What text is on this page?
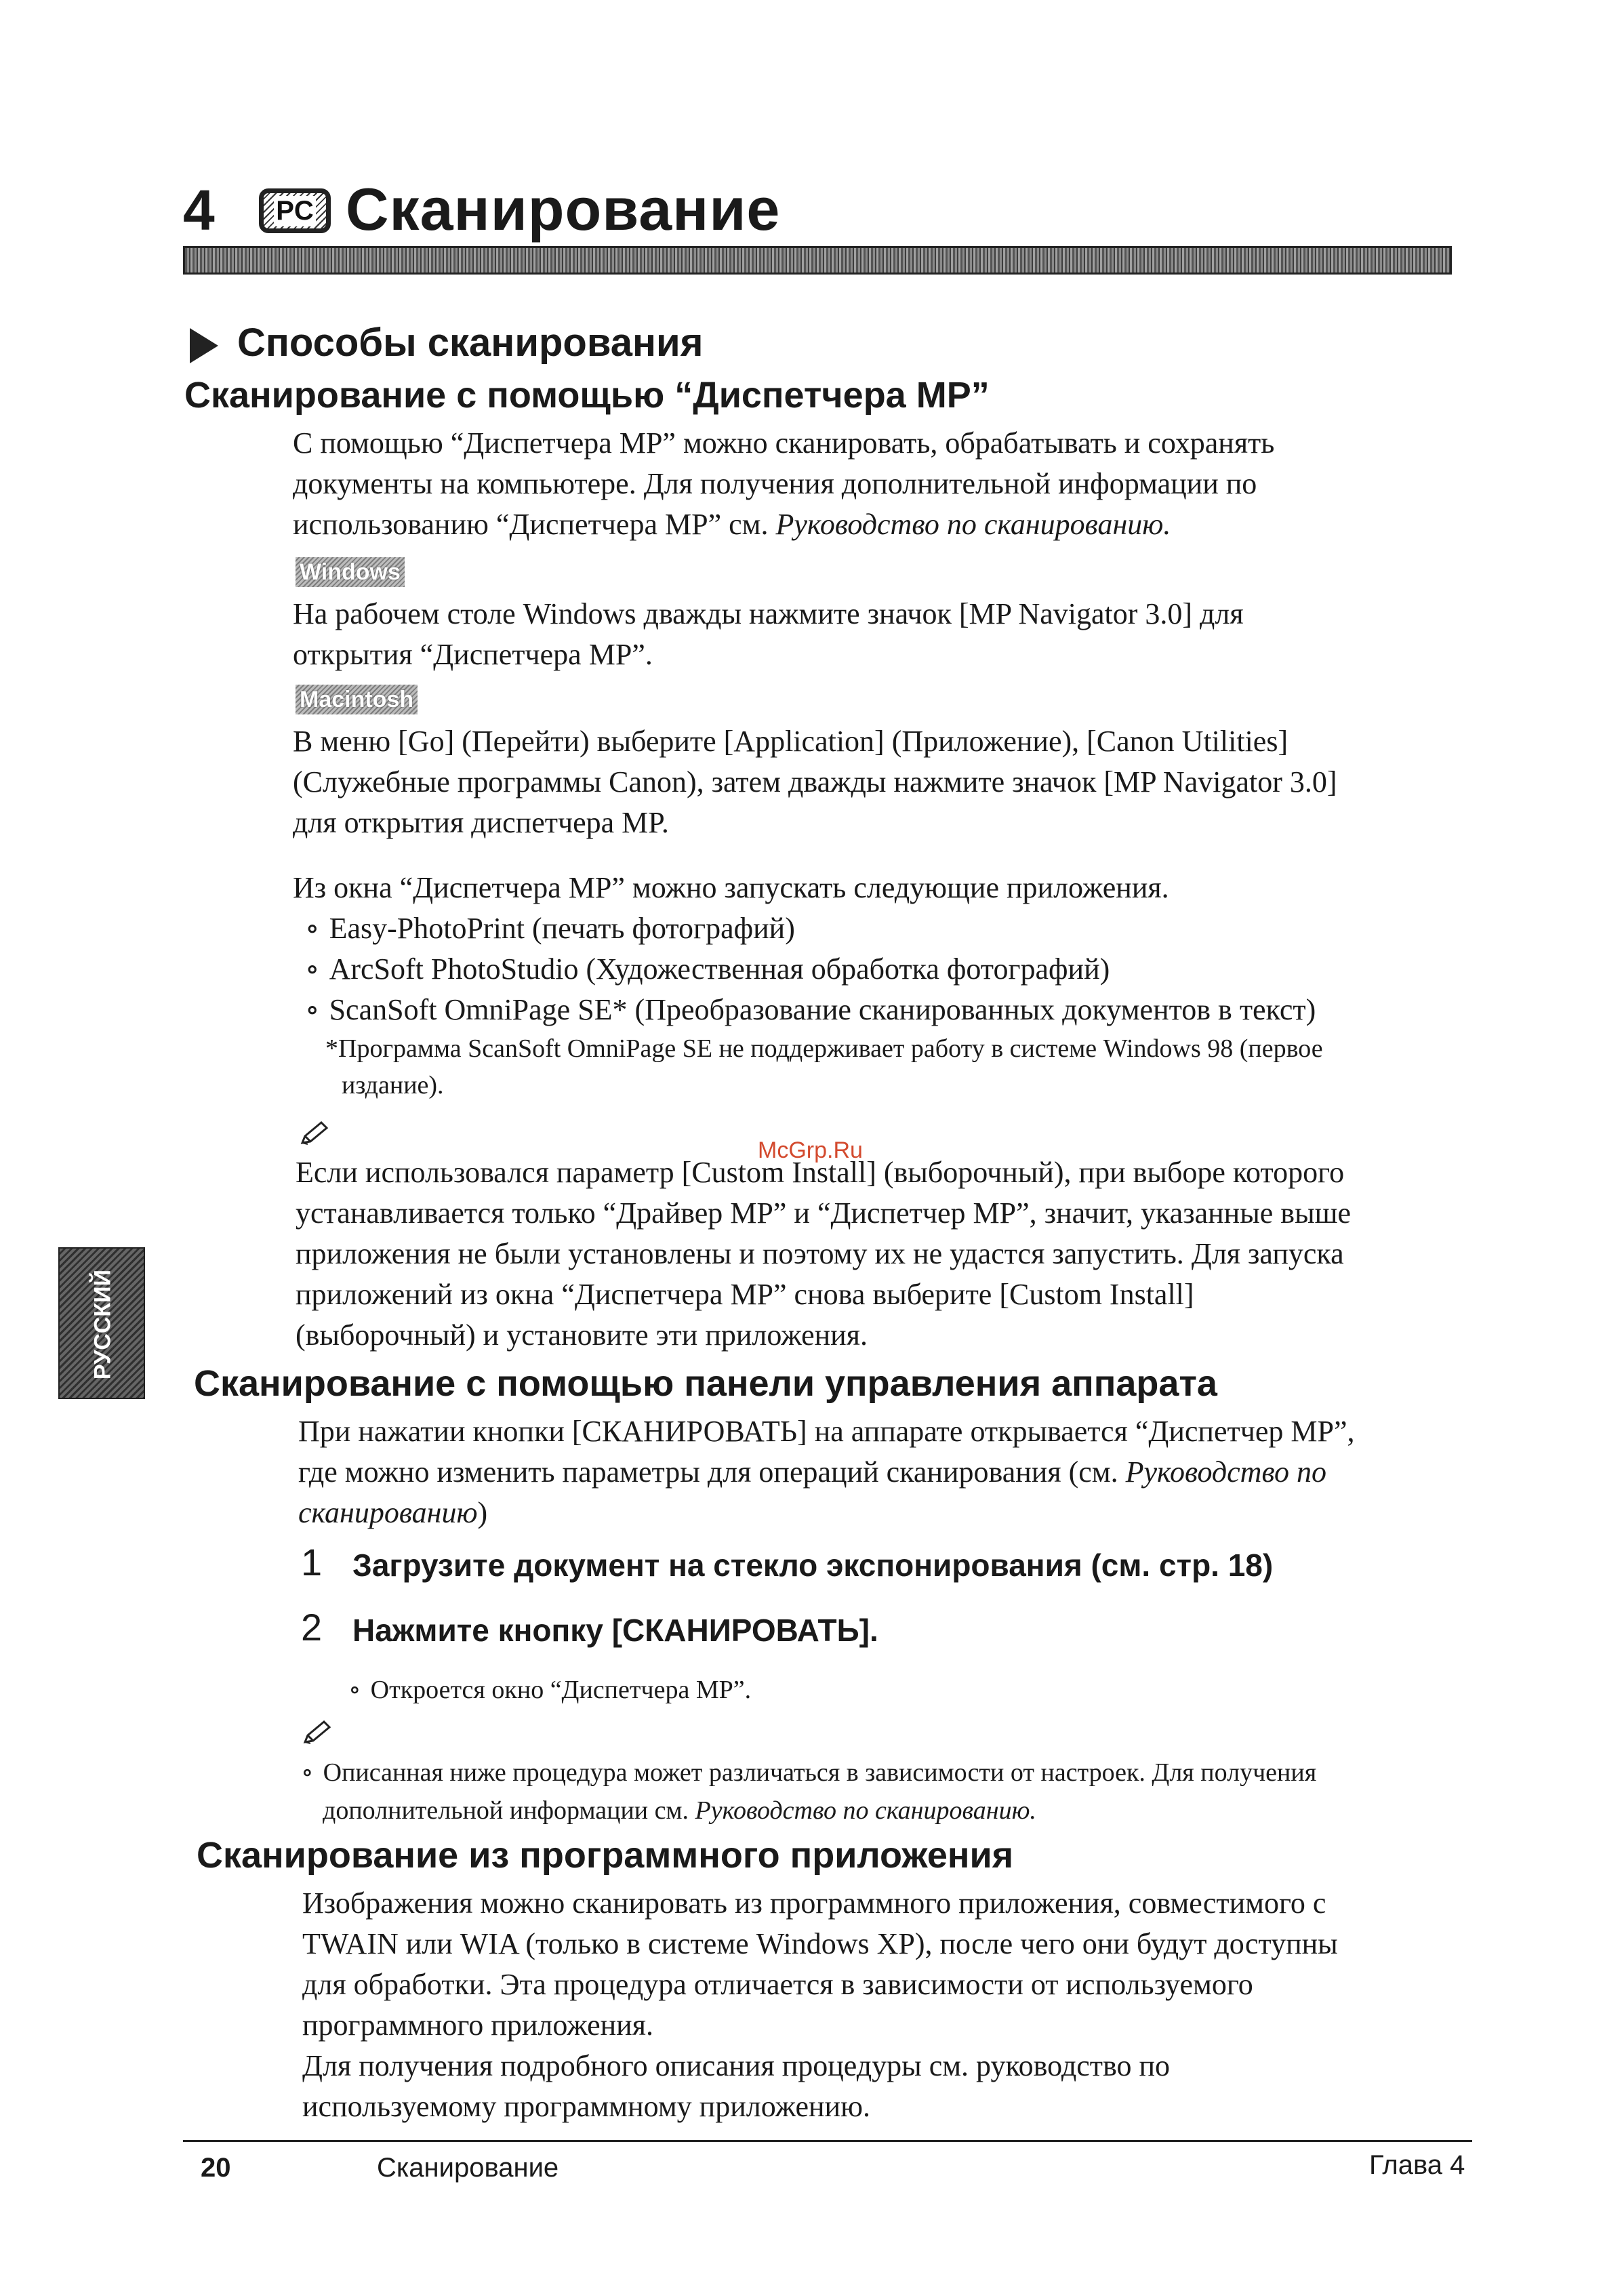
4 PC Сканирование
Способы сканирования
Сканирование с помощью “Диспетчера MP”
С помощью “Диспетчера MP” можно сканировать, обрабатывать и сохранять
документы на компьютере. Для получения дополнительной информации по
использованию “Диспетчера MP” см. Руководство по сканированию.
Windows
На рабочем столе Windows дважды нажмите значок [MP Navigator 3.0] для
открытия “Диспетчера MP”.
Macintosh
В меню [Go] (Перейти) выберите [Application] (Приложение), [Canon Utilities]
(Служебные программы Canon), затем дважды нажмите значок [MP Navigator 3.0]
для открытия диспетчера MP.
Из окна “Диспетчера MP” можно запускать следующие приложения.
∘ Easy-PhotoPrint (печать фотографий)
∘ ArcSoft PhotoStudio (Художественная обработка фотографий)
∘ ScanSoft OmniPage SE* (Преобразование сканированных документов в текст)
*Программа ScanSoft OmniPage SE не поддерживает работу в системе Windows 98 (первое
издание).
McGrp.Ru
Если использовался параметр [Custom Install] (выборочный), при выборе которого
устанавливается только “Драйвер MP” и “Диспетчер MP”, значит, указанные выше
приложения не были установлены и поэтому их не удастся запустить. Для запуска
приложений из окна “Диспетчера MP” снова выберите [Custom Install]
(выборочный) и установите эти приложения.
РУССКИЙ
Сканирование с помощью панели управления аппарата
При нажатии кнопки [СКАНИРОВАТЬ] на аппарате открывается “Диспетчер MP”,
где можно изменить параметры для операций сканирования (см. Руководство по
сканированию)
1 Загрузите документ на стекло экспонирования (см. стр. 18)
2 Нажмите кнопку [СКАНИРОВАТЬ].
∘ Откроется окно “Диспетчера MP”.
∘ Описанная ниже процедура может различаться в зависимости от настроек. Для получения
дополнительной информации см. Руководство по сканированию.
Сканирование из программного приложения
Изображения можно сканировать из программного приложения, совместимого с
TWAIN или WIA (только в системе Windows XP), после чего они будут доступны
для обработки. Эта процедура отличается в зависимости от используемого
программного приложения.
Для получения подробного описания процедуры см. руководство по
используемому программному приложению.
20	Сканирование	Глава 4
